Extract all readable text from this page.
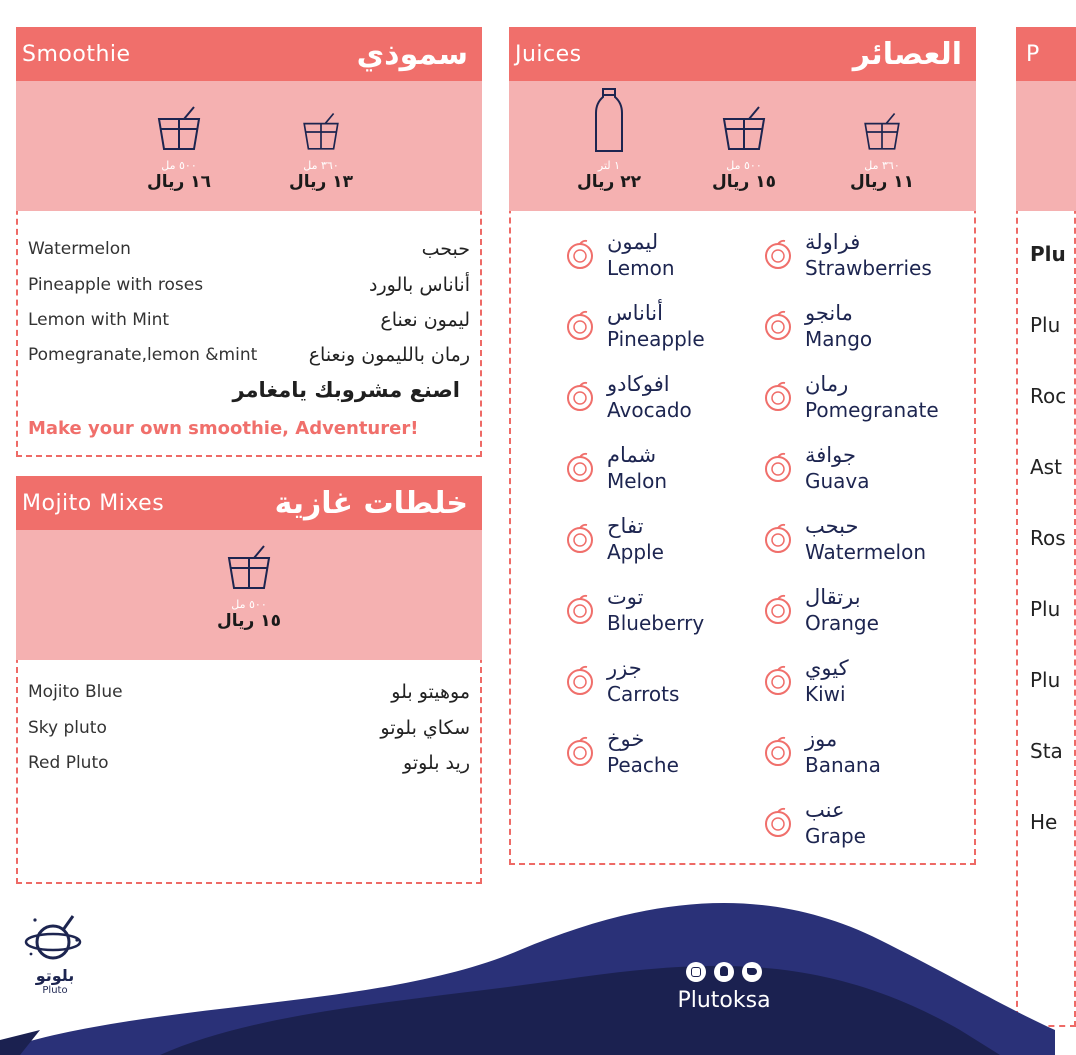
Smoothie	سموذي
٥٠٠ مل
١٦ ريال
٣٦٠ مل
١٣ ريال
Watermelon	حبحب
Pineapple with roses	أناناس بالورد
Lemon with Mint	ليمون نعناع
Pomegranate,lemon &mint	رمان بالليمون ونعناع
اصنع مشروبك يامغامر
Make your own smoothie, Adventurer!
Mojito Mixes	خلطات غازية
٥٠٠ مل
١٥ ريال
Mojito Blue	موهيتو بلو
Sky pluto	سكاي بلوتو
Red Pluto	ريد بلوتو
Juices	العصائر
١ لتر
٢٢ ريال
٥٠٠ مل
١٥ ريال
٣٦٠ مل
١١ ريال
ليمون
Lemon
أناناس
Pineapple
افوكادو
Avocado
شمام
Melon
تفاح
Apple
توت
Blueberry
جزر
Carrots
خوخ
Peache
فراولة
Strawberries
مانجو
Mango
رمان
Pomegranate
جوافة
Guava
حبحب
Watermelon
برتقال
Orange
كيوي
Kiwi
موز
Banana
عنب
Grape
P
Plu
Plu
Roc
Ast
Ros
Plu
Plu
Sta
He
بلوتو
Pluto	Plutoksa
